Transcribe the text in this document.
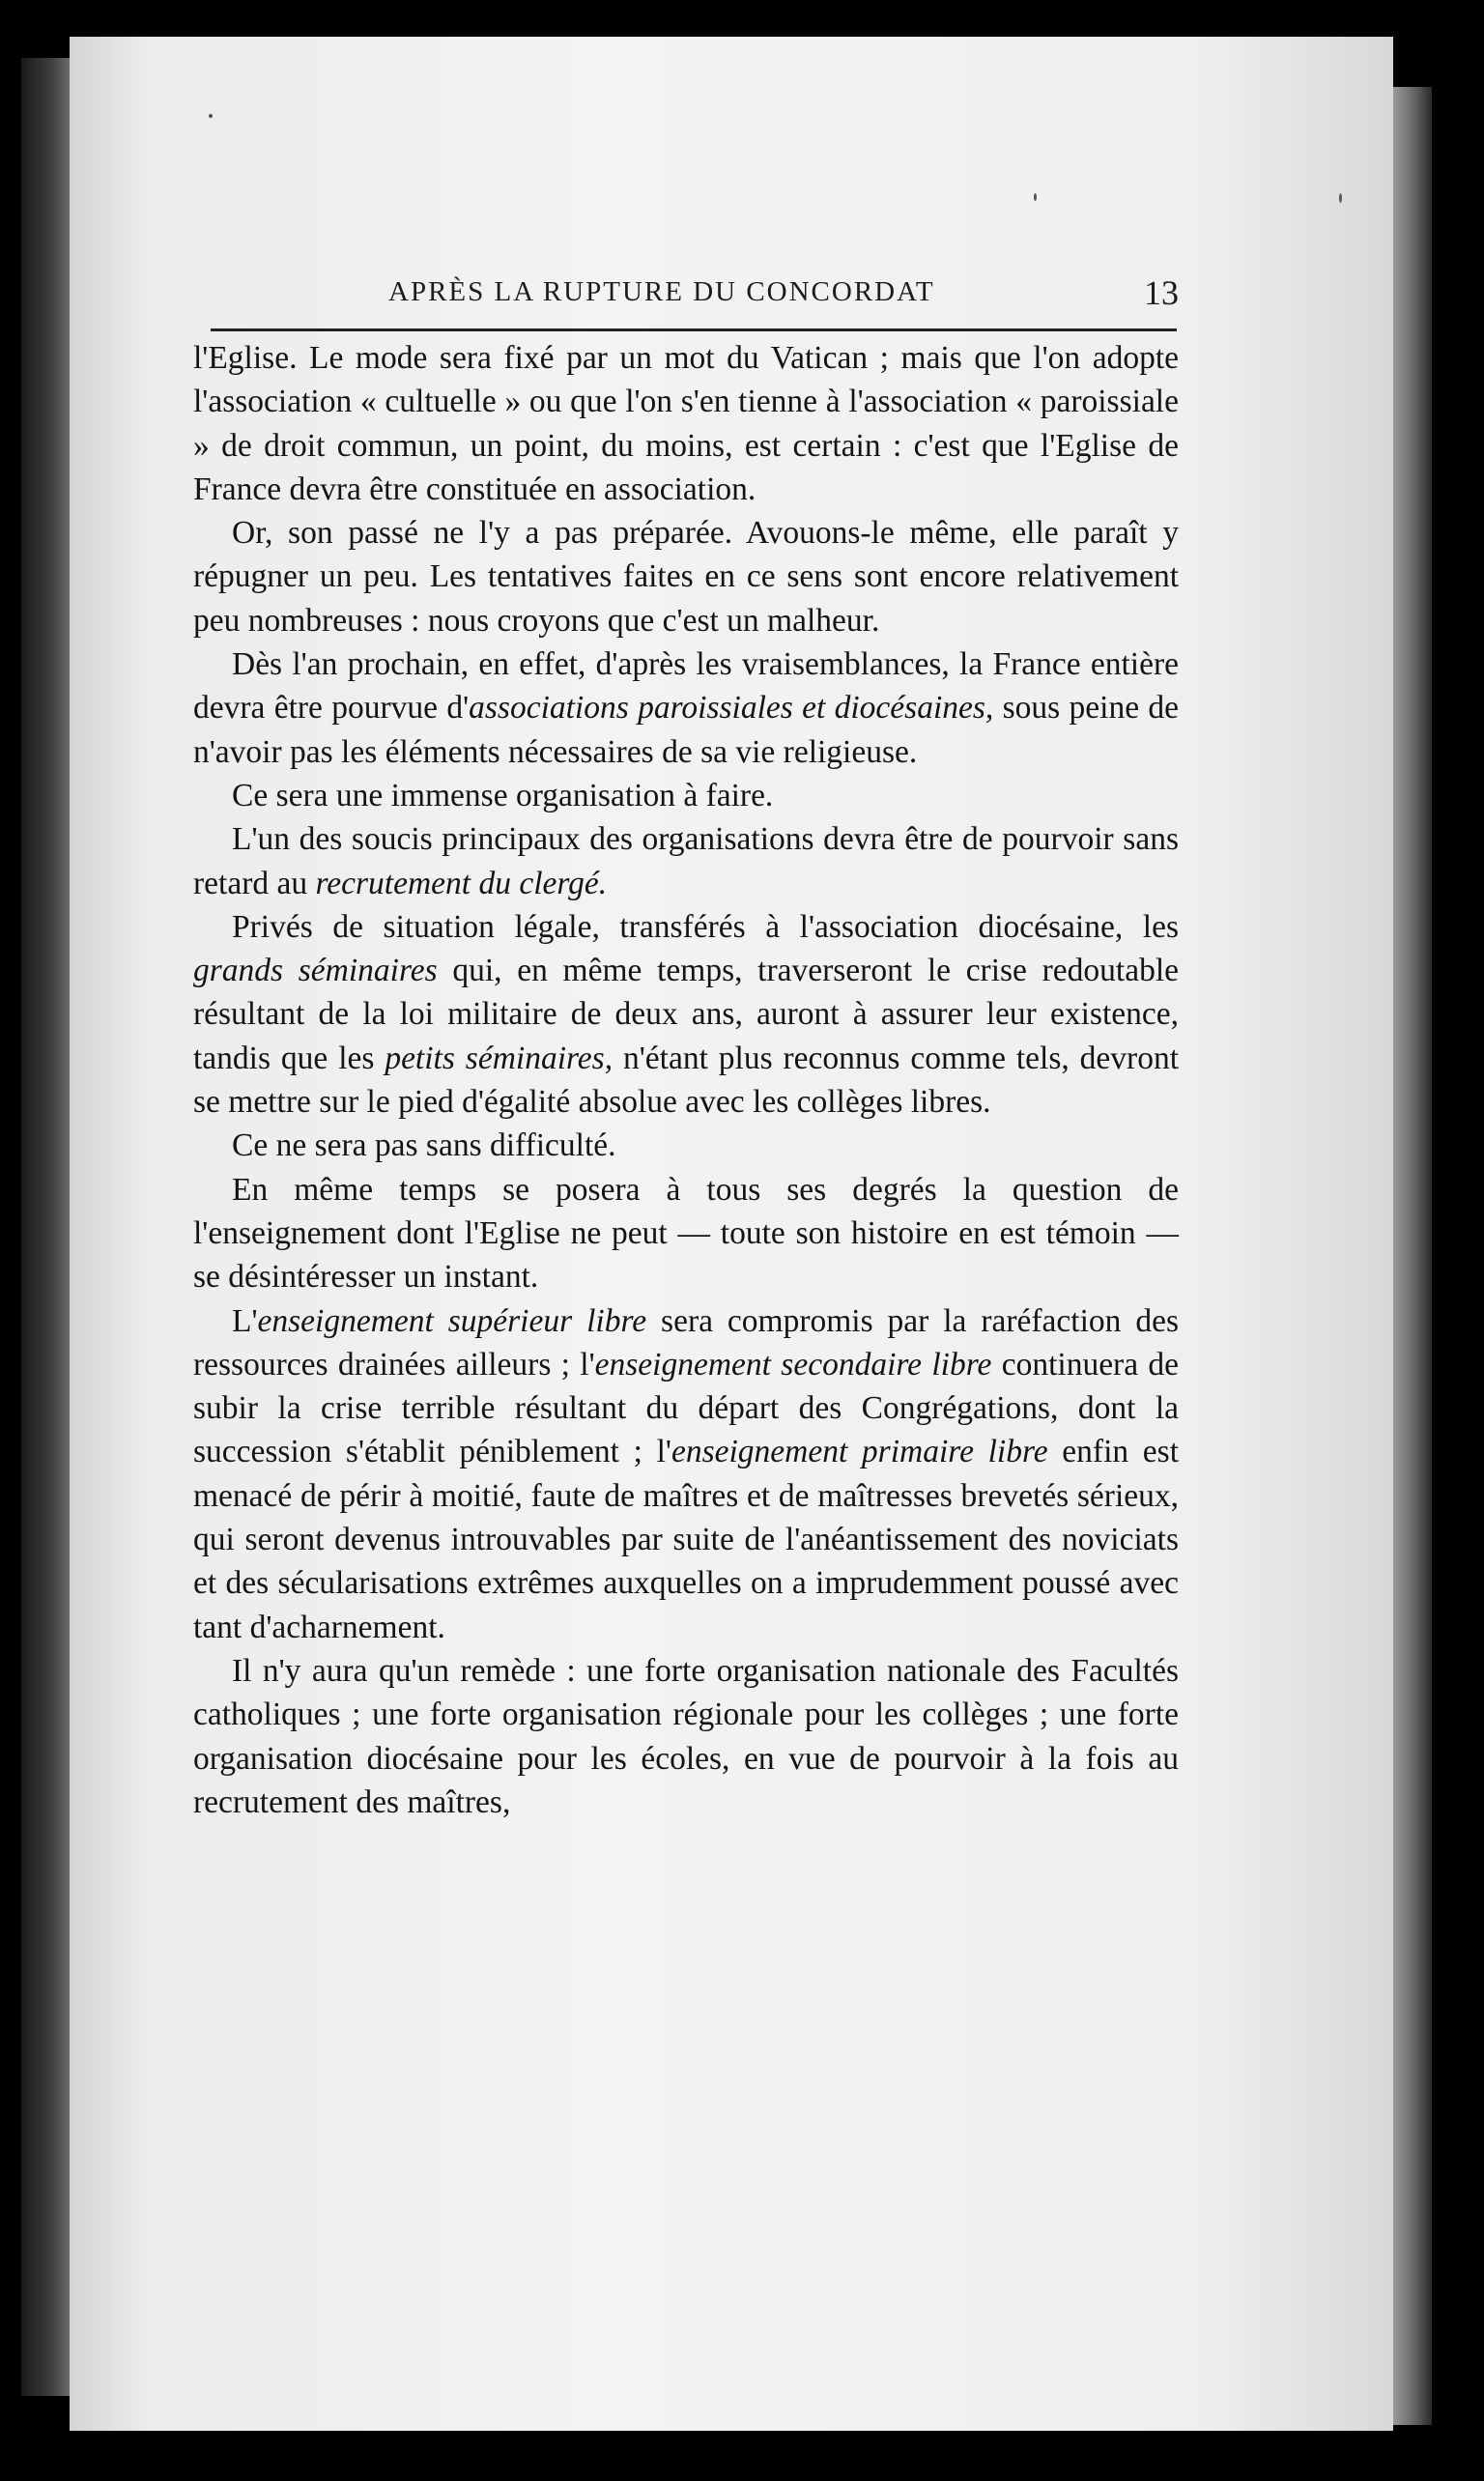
APRÈS LA RUPTURE DU CONCORDAT	13

l'Eglise. Le mode sera fixé par un mot du Vatican ; mais que l'on adopte l'association « cultuelle » ou que l'on s'en tienne à l'association « paroissiale » de droit commun, un point, du moins, est certain : c'est que l'Eglise de France devra être constituée en association.

Or, son passé ne l'y a pas préparée. Avouons-le même, elle paraît y répugner un peu. Les tentatives faites en ce sens sont encore relativement peu nombreuses : nous croyons que c'est un malheur.

Dès l'an prochain, en effet, d'après les vraisemblances, la France entière devra être pourvue d'associations paroissiales et diocésaines, sous peine de n'avoir pas les éléments nécessaires de sa vie religieuse.

Ce sera une immense organisation à faire.

L'un des soucis principaux des organisations devra être de pourvoir sans retard au recrutement du clergé.

Privés de situation légale, transférés à l'association diocésaine, les grands séminaires qui, en même temps, traverseront le crise redoutable résultant de la loi militaire de deux ans, auront à assurer leur existence, tandis que les petits séminaires, n'étant plus reconnus comme tels, devront se mettre sur le pied d'égalité absolue avec les collèges libres.

Ce ne sera pas sans difficulté.

En même temps se posera à tous ses degrés la question de l'enseignement dont l'Eglise ne peut — toute son histoire en est témoin — se désintéresser un instant.

L'enseignement supérieur libre sera compromis par la raréfaction des ressources drainées ailleurs ; l'enseignement secondaire libre continuera de subir la crise terrible résultant du départ des Congrégations, dont la succession s'établit péniblement ; l'enseignement primaire libre enfin est menacé de périr à moitié, faute de maîtres et de maîtresses brevetés sérieux, qui seront devenus introuvables par suite de l'anéantissement des noviciats et des sécularisations extrêmes auxquelles on a imprudemment poussé avec tant d'acharnement.

Il n'y aura qu'un remède : une forte organisation nationale des Facultés catholiques ; une forte organisation régionale pour les collèges ; une forte organisation diocésaine pour les écoles, en vue de pourvoir à la fois au recrutement des maîtres,
